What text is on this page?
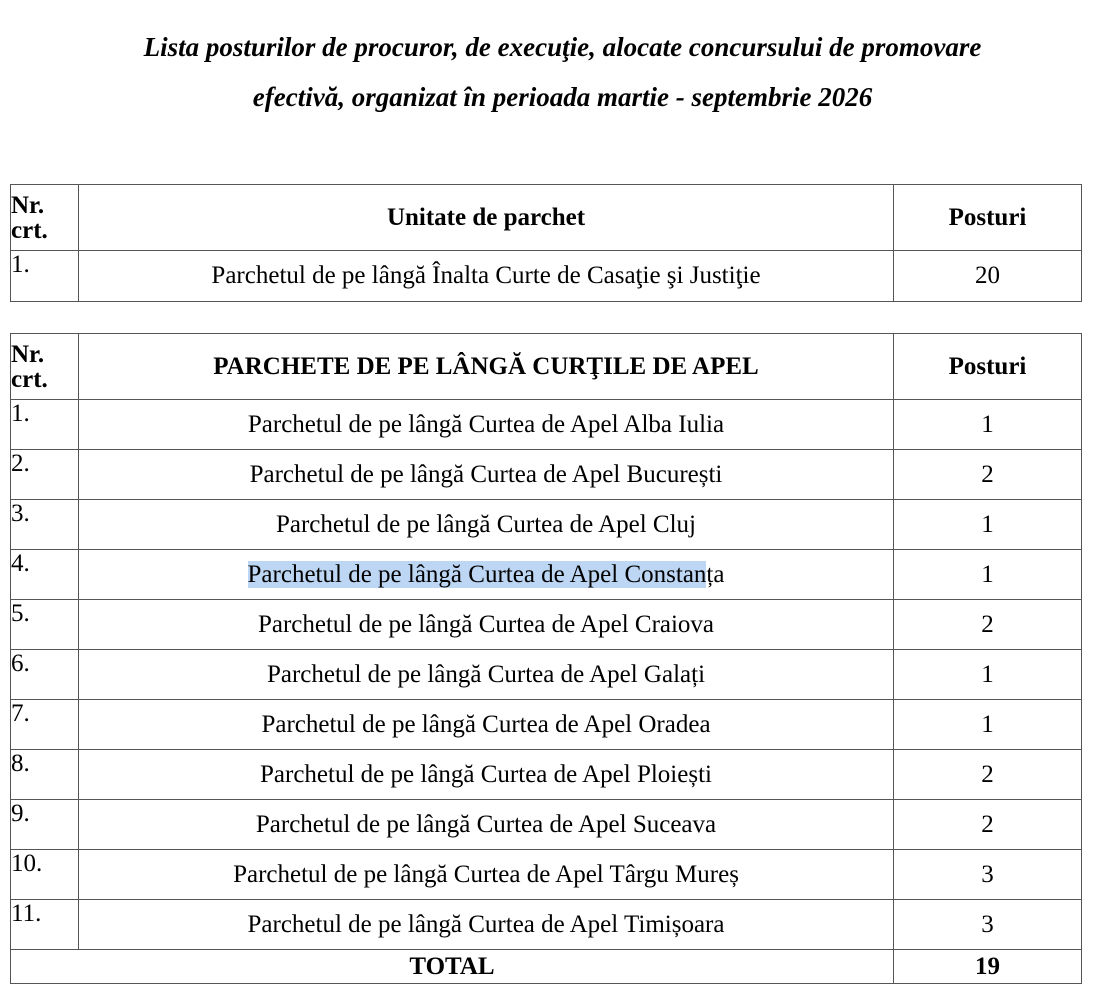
Lista posturilor de procuror, de execuţie, alocate concursului de promovare
efectivă, organizat în perioada martie - septembrie 2026
Nr.
crt.	Unitate de parchet	Posturi
1.	Parchetul de pe lângă Înalta Curte de Casaţie şi Justiţie	20
Nr.
crt.	PARCHETE DE PE LÂNGĂ CURŢILE DE APEL	Posturi
1.	Parchetul de pe lângă Curtea de Apel Alba Iulia	1
2.	Parchetul de pe lângă Curtea de Apel București	2
3.	Parchetul de pe lângă Curtea de Apel Cluj	1
4.	Parchetul de pe lângă Curtea de Apel Constanța	1
5.	Parchetul de pe lângă Curtea de Apel Craiova	2
6.	Parchetul de pe lângă Curtea de Apel Galați	1
7.	Parchetul de pe lângă Curtea de Apel Oradea	1
8.	Parchetul de pe lângă Curtea de Apel Ploiești	2
9.	Parchetul de pe lângă Curtea de Apel Suceava	2
10.	Parchetul de pe lângă Curtea de Apel Târgu Mureș	3
11.	Parchetul de pe lângă Curtea de Apel Timișoara	3
TOTAL		19
